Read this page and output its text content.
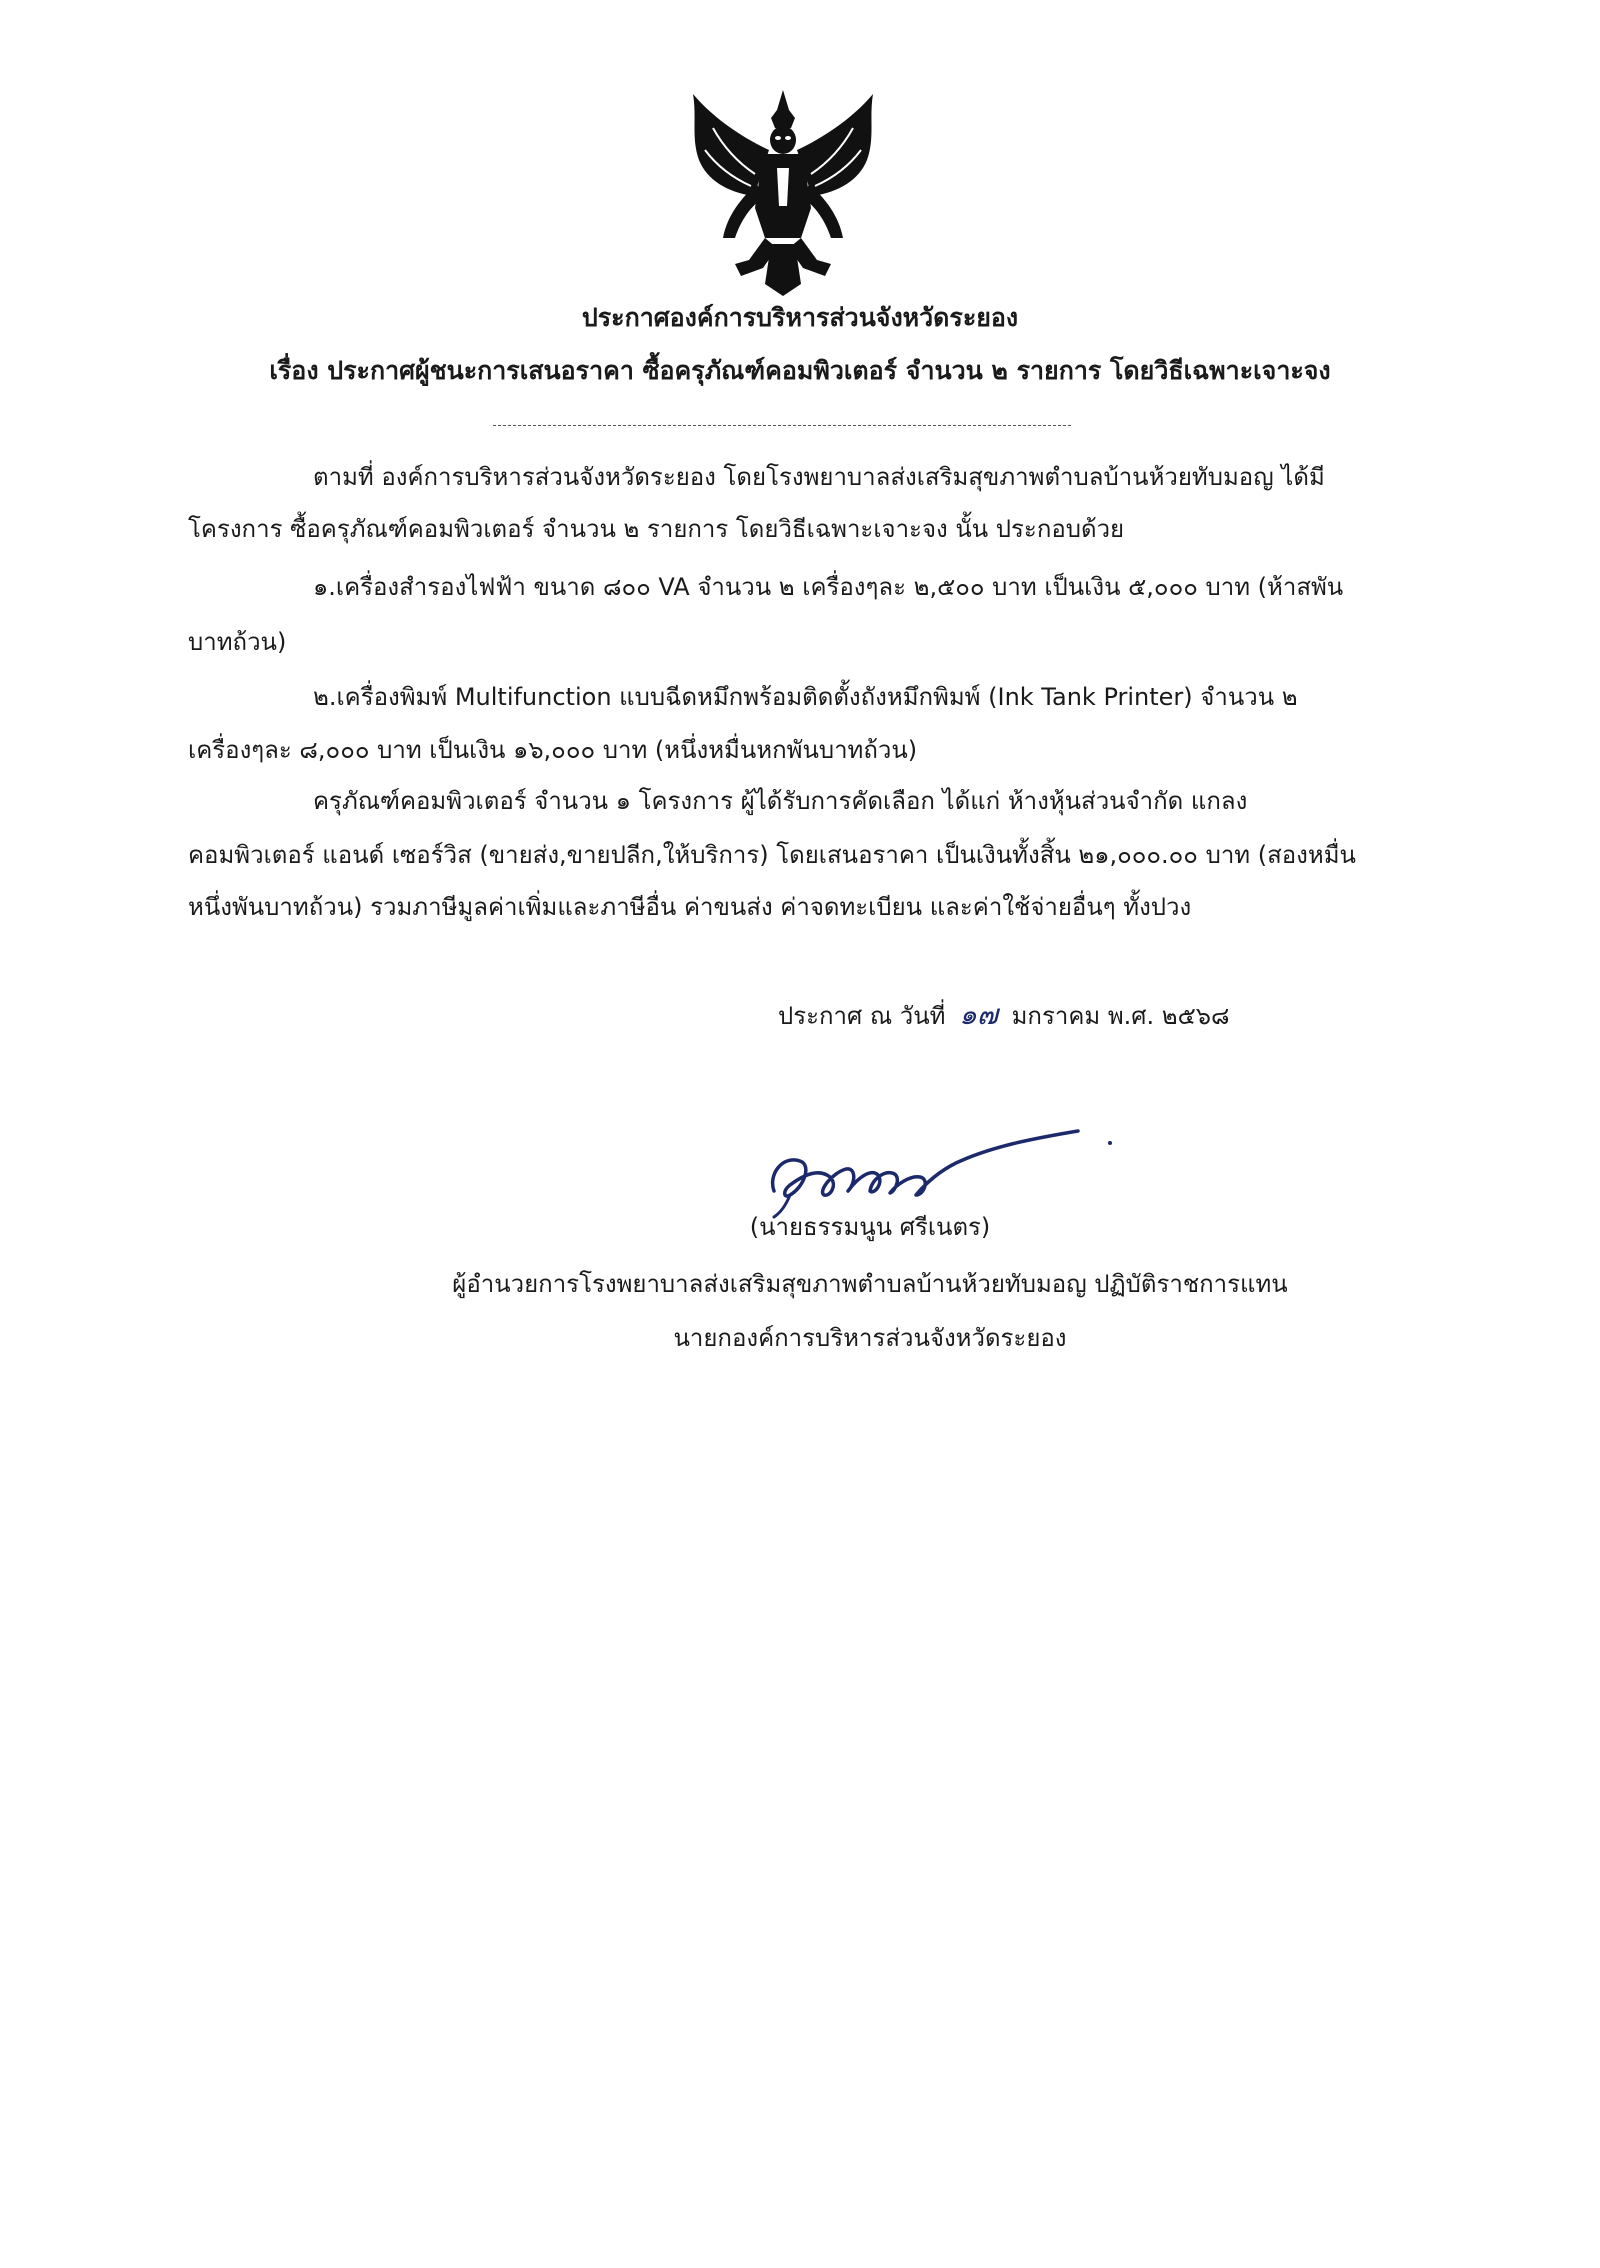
ประกาศองค์การบริหารส่วนจังหวัดระยอง
เรื่อง ประกาศผู้ชนะการเสนอราคา ซื้อครุภัณฑ์คอมพิวเตอร์ จำนวน ๒ รายการ โดยวิธีเฉพาะเจาะจง
ตามที่ องค์การบริหารส่วนจังหวัดระยอง โดยโรงพยาบาลส่งเสริมสุขภาพตำบลบ้านห้วยทับมอญ ได้มี
โครงการ ซื้อครุภัณฑ์คอมพิวเตอร์ จำนวน ๒ รายการ โดยวิธีเฉพาะเจาะจง นั้น ประกอบด้วย
๑.เครื่องสำรองไฟฟ้า ขนาด ๘๐๐ VA จำนวน ๒ เครื่องๆละ ๒,๕๐๐ บาท เป็นเงิน ๕,๐๐๐ บาท (ห้าสพัน
บาทถ้วน)
๒.เครื่องพิมพ์ Multifunction แบบฉีดหมึกพร้อมติดตั้งถังหมึกพิมพ์ (Ink Tank Printer) จำนวน ๒
เครื่องๆละ ๘,๐๐๐ บาท เป็นเงิน ๑๖,๐๐๐ บาท (หนึ่งหมื่นหกพันบาทถ้วน)
ครุภัณฑ์คอมพิวเตอร์ จำนวน ๑ โครงการ ผู้ได้รับการคัดเลือก ได้แก่ ห้างหุ้นส่วนจำกัด แกลง
คอมพิวเตอร์ แอนด์ เซอร์วิส (ขายส่ง,ขายปลีก,ให้บริการ) โดยเสนอราคา เป็นเงินทั้งสิ้น ๒๑,๐๐๐.๐๐ บาท (สองหมื่น
หนึ่งพันบาทถ้วน) รวมภาษีมูลค่าเพิ่มและภาษีอื่น ค่าขนส่ง ค่าจดทะเบียน และค่าใช้จ่ายอื่นๆ ทั้งปวง
ประกาศ ณ วันที่ ๑๗ มกราคม พ.ศ. ๒๕๖๘
(นายธรรมนูน ศรีเนตร)
ผู้อำนวยการโรงพยาบาลส่งเสริมสุขภาพตำบลบ้านห้วยทับมอญ ปฏิบัติราชการแทน
นายกองค์การบริหารส่วนจังหวัดระยอง
